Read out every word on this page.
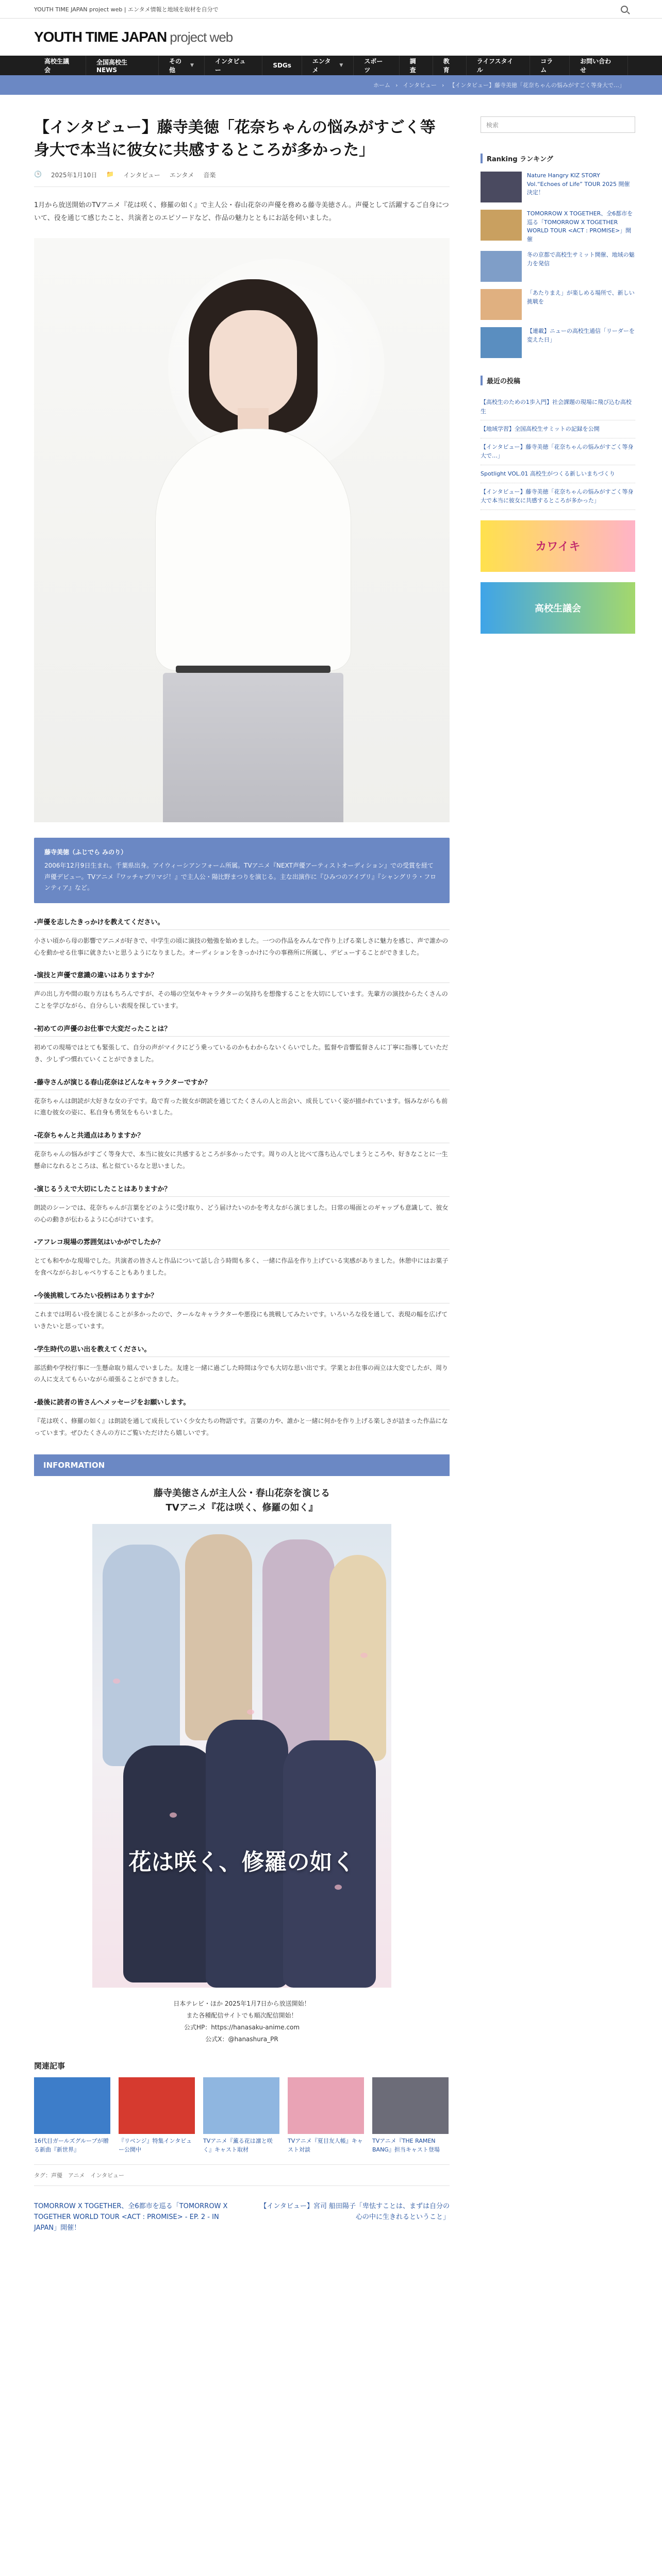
YOUTH TIME JAPAN project web | エンタメ情報と地域を取材を自分で
YOUTH TIME JAPAN project web
高校生議会
全国高校生NEWS
その他
▼
インタビュー
SDGs
エンタメ
▼
スポーツ
調査
教育
ライフスタイル
コラム
お問い合わせ
ホーム › インタビュー › 【インタビュー】藤寺美徳「花奈ちゃんの悩みがすごく等身大で…」
【インタビュー】藤寺美徳「花奈ちゃんの悩みがすごく等身大で本当に彼女に共感するところが多かった」
🕒 2025年1月10日 📁 インタビュー エンタメ 音楽

1月から放送開始のTVアニメ『花は咲く、修羅の如く』で主人公・春山花奈の声優を務める藤寺美徳さん。声優として活躍するご自身について、役を通じて感じたこと、共演者とのエピソードなど、作品の魅力とともにお話を伺いました。

藤寺美徳（ふじでら みのり）
2006年12月9日生まれ。千葉県出身。アイウィーシアンフォーム所属。TVアニメ『NEXT声優アーティストオーディション』での受賞を経て声優デビュー。TVアニメ『ワッチャプリマジ！』で主人公・陽比野まつりを演じる。主な出演作に『ひみつのアイプリ』『シャングリラ・フロンティア』など。
-声優を志したきっかけを教えてください。
小さい頃から母の影響でアニメが好きで、中学生の頃に演技の勉強を始めました。一つの作品をみんなで作り上げる楽しさに魅力を感じ、声で誰かの心を動かせる仕事に就きたいと思うようになりました。オーディションをきっかけに今の事務所に所属し、デビューすることができました。
-演技と声優で意識の違いはありますか？
声の出し方や間の取り方はもちろんですが、その場の空気やキャラクターの気持ちを想像することを大切にしています。先輩方の演技からたくさんのことを学びながら、自分らしい表現を探しています。
-初めての声優のお仕事で大変だったことは？
初めての現場ではとても緊張して、自分の声がマイクにどう乗っているのかもわからないくらいでした。監督や音響監督さんに丁寧に指導していただき、少しずつ慣れていくことができました。
-藤寺さんが演じる春山花奈はどんなキャラクターですか？
花奈ちゃんは朗読が大好きな女の子です。島で育った彼女が朗読を通じてたくさんの人と出会い、成長していく姿が描かれています。悩みながらも前に進む彼女の姿に、私自身も勇気をもらいました。
-花奈ちゃんと共通点はありますか？
花奈ちゃんの悩みがすごく等身大で、本当に彼女に共感するところが多かったです。周りの人と比べて落ち込んでしまうところや、好きなことに一生懸命になれるところは、私と似ているなと思いました。
-演じるうえで大切にしたことはありますか？
朗読のシーンでは、花奈ちゃんが言葉をどのように受け取り、どう届けたいのかを考えながら演じました。日常の場面とのギャップも意識して、彼女の心の動きが伝わるように心がけています。
-アフレコ現場の雰囲気はいかがでしたか？
とても和やかな現場でした。共演者の皆さんと作品について話し合う時間も多く、一緒に作品を作り上げている実感がありました。休憩中にはお菓子を食べながらおしゃべりすることもありました。
-今後挑戦してみたい役柄はありますか？
これまでは明るい役を演じることが多かったので、クールなキャラクターや悪役にも挑戦してみたいです。いろいろな役を通して、表現の幅を広げていきたいと思っています。
-学生時代の思い出を教えてください。
部活動や学校行事に一生懸命取り組んでいました。友達と一緒に過ごした時間は今でも大切な思い出です。学業とお仕事の両立は大変でしたが、周りの人に支えてもらいながら頑張ることができました。
-最後に読者の皆さんへメッセージをお願いします。
『花は咲く、修羅の如く』は朗読を通して成長していく少女たちの物語です。言葉の力や、誰かと一緒に何かを作り上げる楽しさが詰まった作品になっています。ぜひたくさんの方にご覧いただけたら嬉しいです。
INFORMATION
藤寺美徳さんが主人公・春山花奈を演じる
TVアニメ『花は咲く、修羅の如く』
花は咲く、修羅の如く
日本テレビ・ほか 2025年1月7日から放送開始！
また各種配信サイトでも順次配信開始！
公式HP：https://hanasaku-anime.com
公式X：@hanashura_PR
関連記事
16代目ガールズグループが贈る新曲『新世界』
『リベンジ』特集インタビュー公開中
TVアニメ『薫る花は凛と咲く』キャスト取材
TVアニメ『夏目友人帳』キャスト対談
TVアニメ『THE RAMEN BANG』担当キャスト登場
タグ：声優　アニメ　インタビュー
TOMORROW X TOGETHER、全6都市を巡る「TOMORROW X TOGETHER WORLD TOUR <ACT : PROMISE> - EP. 2 - IN JAPAN」開催！
【インタビュー】宮司 船田陽子「卑怯すことは、まずは自分の心の中に生きれるということ」
検索
Ranking ランキング
Nature Hangry KIZ STORY Vol.“Echoes of Life” TOUR 2025 開催決定！
TOMORROW X TOGETHER、全6都市を巡る「TOMORROW X TOGETHER WORLD TOUR <ACT : PROMISE>」開催
冬の京都で高校生サミット開催、地域の魅力を発信
「あたりまえ」が楽しめる場所で、新しい挑戦を
【連載】ニューの高校生通信「リーダーを変えた日」
最近の投稿
【高校生のための1歩入門】社会課題の現場に飛び込む高校生
【地域学習】全国高校生サミットの記録を公開
【インタビュー】藤寺美徳「花奈ちゃんの悩みがすごく等身大で…」
Spotlight VOL.01 高校生がつくる新しいまちづくり
【インタビュー】藤寺美徳「花奈ちゃんの悩みがすごく等身大で本当に彼女に共感するところが多かった」
カワイキ
高校生議会
